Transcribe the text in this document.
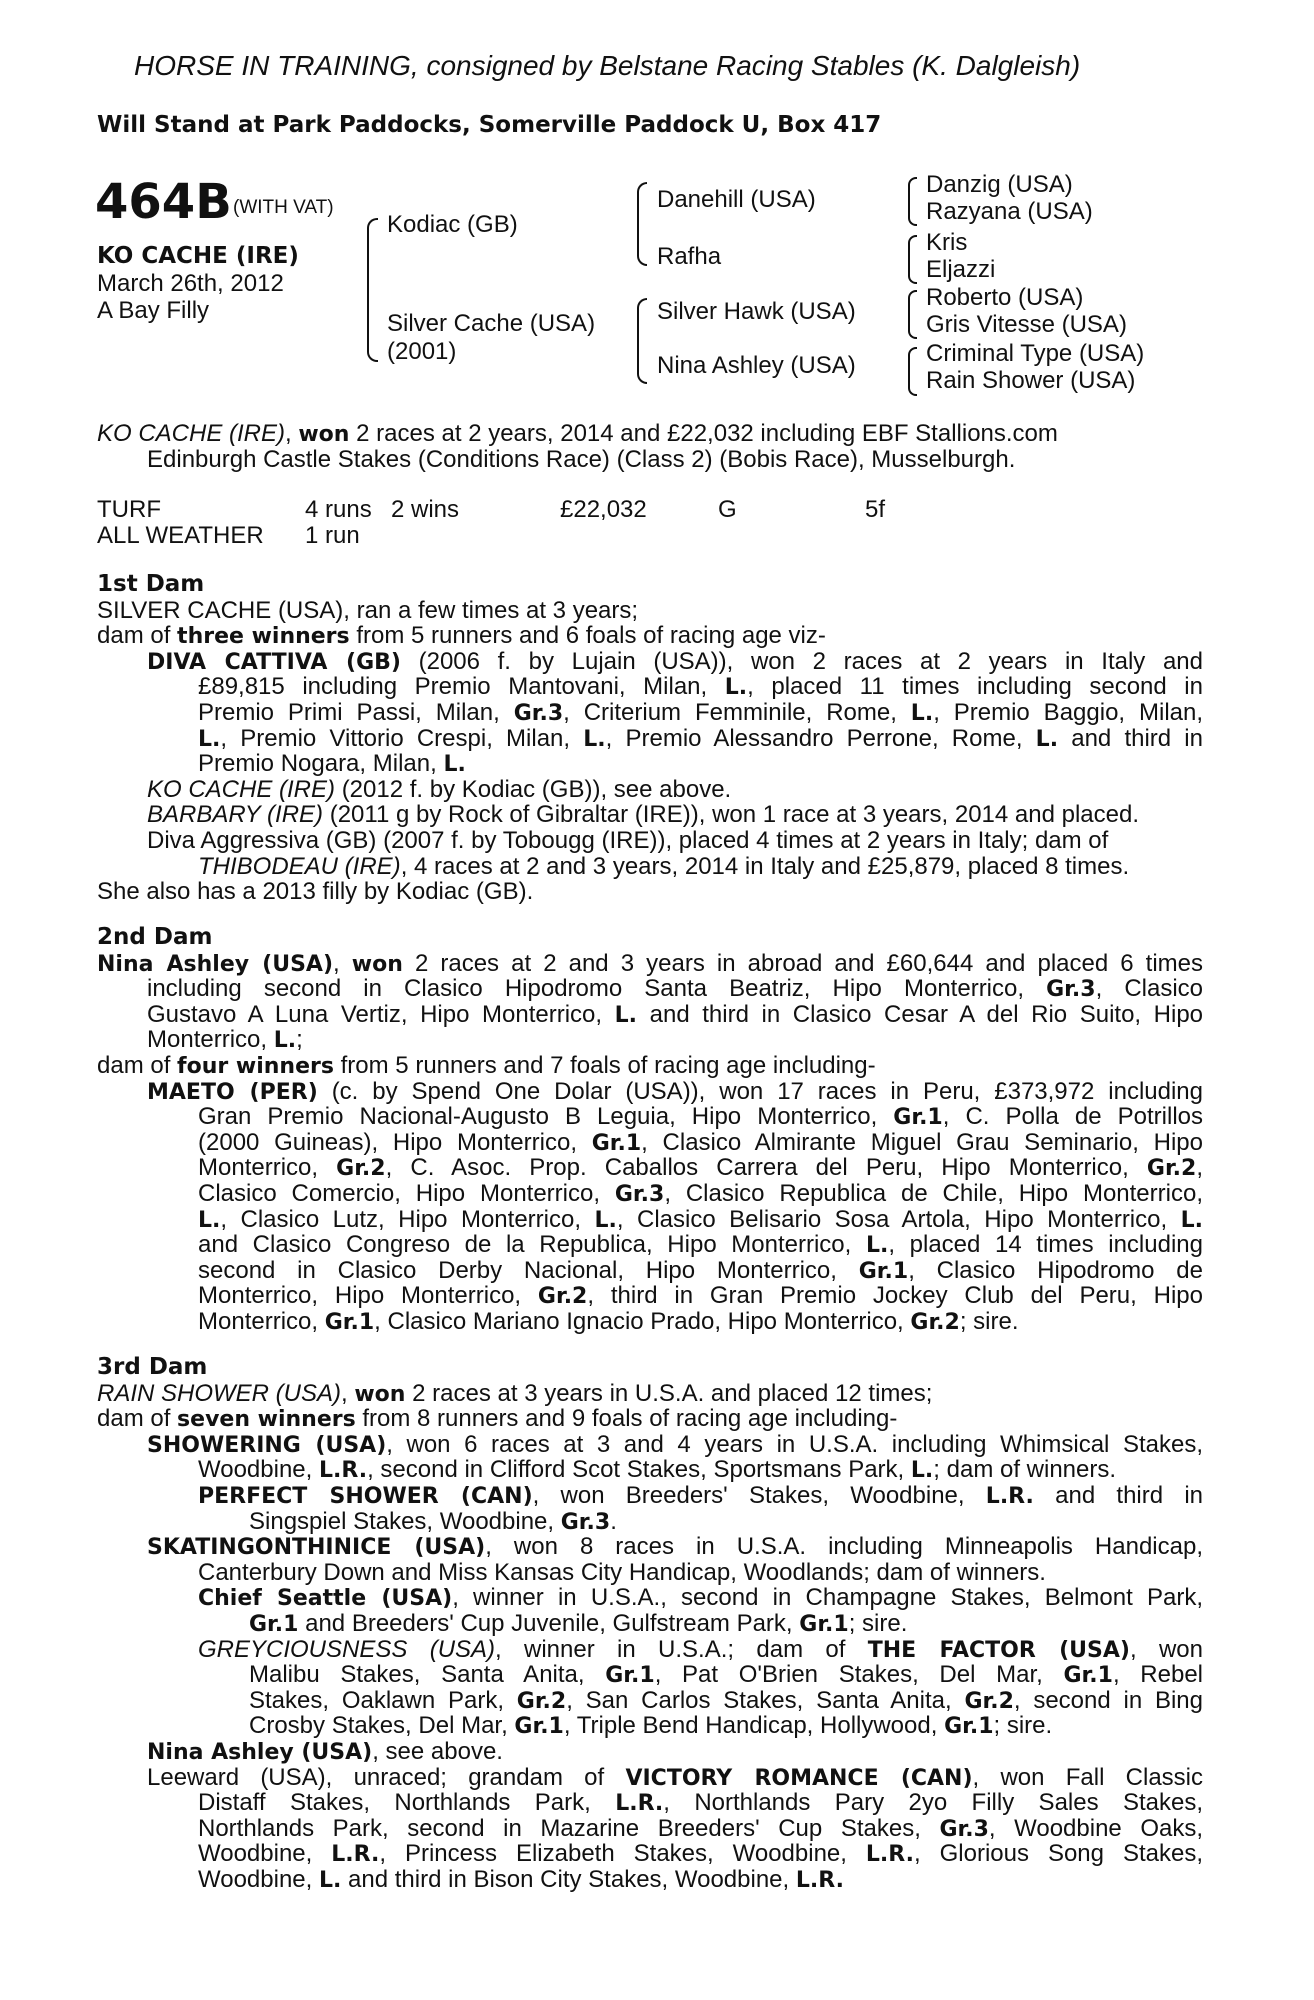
HORSE IN TRAINING, consigned by Belstane Racing Stables (K. Dalgleish)
Will Stand at Park Paddocks, Somerville Paddock U, Box 417
464B (WITH VAT)
KO CACHE (IRE)
March 26th, 2012
A Bay Filly
Kodiac (GB)
Silver Cache (USA)
(2001)
Danehill (USA)
Rafha
Silver Hawk (USA)
Nina Ashley (USA)
Danzig (USA)
Razyana (USA)
Kris
Eljazzi
Roberto (USA)
Gris Vitesse (USA)
Criminal Type (USA)
Rain Shower (USA)
KO CACHE (IRE), won 2 races at 2 years, 2014 and £22,032 including EBF Stallions.com
Edinburgh Castle Stakes (Conditions Race) (Class 2) (Bobis Race), Musselburgh.
TURF	4 runs 2 wins	£22,032	G	5f
ALL WEATHER 1 run
1st Dam
SILVER CACHE (USA), ran a few times at 3 years;
dam of three winners from 5 runners and 6 foals of racing age viz-
DIVA CATTIVA (GB) (2006 f. by Lujain (USA)), won 2 races at 2 years in Italy and
£89,815 including Premio Mantovani, Milan, L., placed 11 times including second in
Premio Primi Passi, Milan, Gr.3, Criterium Femminile, Rome, L., Premio Baggio, Milan,
L., Premio Vittorio Crespi, Milan, L., Premio Alessandro Perrone, Rome, L. and third in
Premio Nogara, Milan, L.
KO CACHE (IRE) (2012 f. by Kodiac (GB)), see above.
BARBARY (IRE) (2011 g by Rock of Gibraltar (IRE)), won 1 race at 3 years, 2014 and placed.
Diva Aggressiva (GB) (2007 f. by Tobougg (IRE)), placed 4 times at 2 years in Italy; dam of
THIBODEAU (IRE), 4 races at 2 and 3 years, 2014 in Italy and £25,879, placed 8 times.
She also has a 2013 filly by Kodiac (GB).
2nd Dam
Nina Ashley (USA), won 2 races at 2 and 3 years in abroad and £60,644 and placed 6 times
including second in Clasico Hipodromo Santa Beatriz, Hipo Monterrico, Gr.3, Clasico
Gustavo A Luna Vertiz, Hipo Monterrico, L. and third in Clasico Cesar A del Rio Suito, Hipo
Monterrico, L.;
dam of four winners from 5 runners and 7 foals of racing age including-
MAETO (PER) (c. by Spend One Dolar (USA)), won 17 races in Peru, £373,972 including
Gran Premio Nacional-Augusto B Leguia, Hipo Monterrico, Gr.1, C. Polla de Potrillos
(2000 Guineas), Hipo Monterrico, Gr.1, Clasico Almirante Miguel Grau Seminario, Hipo
Monterrico, Gr.2, C. Asoc. Prop. Caballos Carrera del Peru, Hipo Monterrico, Gr.2,
Clasico Comercio, Hipo Monterrico, Gr.3, Clasico Republica de Chile, Hipo Monterrico,
L., Clasico Lutz, Hipo Monterrico, L., Clasico Belisario Sosa Artola, Hipo Monterrico, L.
and Clasico Congreso de la Republica, Hipo Monterrico, L., placed 14 times including
second in Clasico Derby Nacional, Hipo Monterrico, Gr.1, Clasico Hipodromo de
Monterrico, Hipo Monterrico, Gr.2, third in Gran Premio Jockey Club del Peru, Hipo
Monterrico, Gr.1, Clasico Mariano Ignacio Prado, Hipo Monterrico, Gr.2; sire.
3rd Dam
RAIN SHOWER (USA), won 2 races at 3 years in U.S.A. and placed 12 times;
dam of seven winners from 8 runners and 9 foals of racing age including-
SHOWERING (USA), won 6 races at 3 and 4 years in U.S.A. including Whimsical Stakes,
Woodbine, L.R., second in Clifford Scot Stakes, Sportsmans Park, L.; dam of winners.
PERFECT SHOWER (CAN), won Breeders' Stakes, Woodbine, L.R. and third in
Singspiel Stakes, Woodbine, Gr.3.
SKATINGONTHINICE (USA), won 8 races in U.S.A. including Minneapolis Handicap,
Canterbury Down and Miss Kansas City Handicap, Woodlands; dam of winners.
Chief Seattle (USA), winner in U.S.A., second in Champagne Stakes, Belmont Park,
Gr.1 and Breeders' Cup Juvenile, Gulfstream Park, Gr.1; sire.
GREYCIOUSNESS (USA), winner in U.S.A.; dam of THE FACTOR (USA), won
Malibu Stakes, Santa Anita, Gr.1, Pat O'Brien Stakes, Del Mar, Gr.1, Rebel
Stakes, Oaklawn Park, Gr.2, San Carlos Stakes, Santa Anita, Gr.2, second in Bing
Crosby Stakes, Del Mar, Gr.1, Triple Bend Handicap, Hollywood, Gr.1; sire.
Nina Ashley (USA), see above.
Leeward (USA), unraced; grandam of VICTORY ROMANCE (CAN), won Fall Classic
Distaff Stakes, Northlands Park, L.R., Northlands Pary 2yo Filly Sales Stakes,
Northlands Park, second in Mazarine Breeders' Cup Stakes, Gr.3, Woodbine Oaks,
Woodbine, L.R., Princess Elizabeth Stakes, Woodbine, L.R., Glorious Song Stakes,
Woodbine, L. and third in Bison City Stakes, Woodbine, L.R.
